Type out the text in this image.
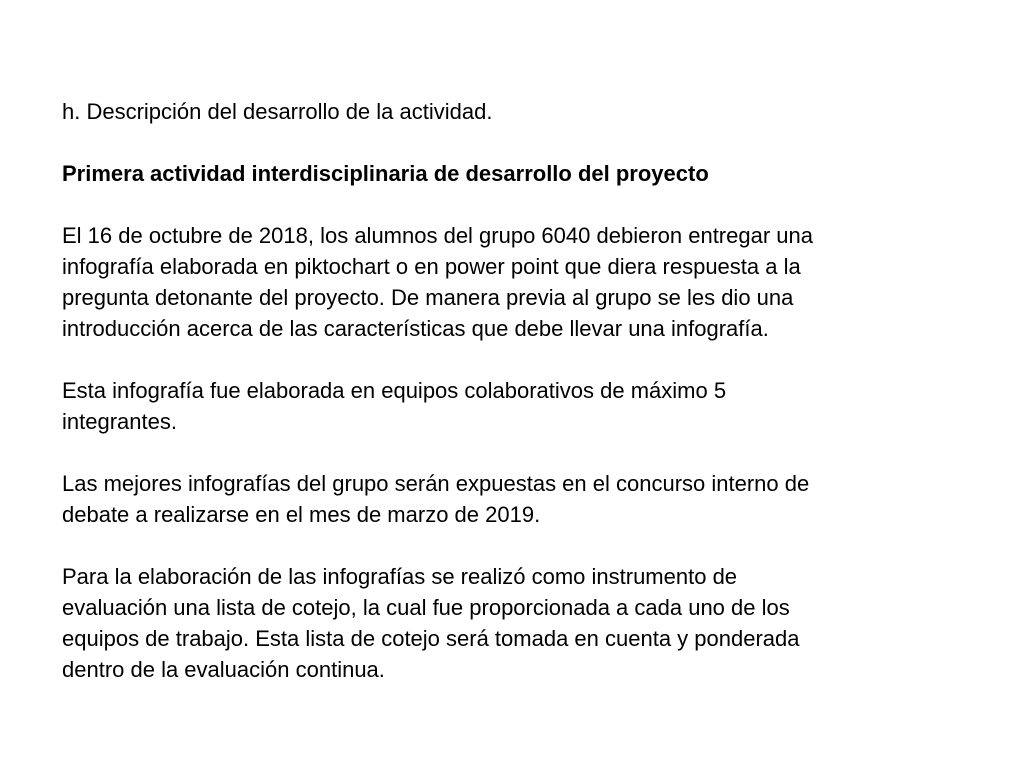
h. Descripción del desarrollo de la actividad.

Primera actividad interdisciplinaria de desarrollo del proyecto

El 16 de octubre de 2018, los alumnos del grupo 6040 debieron entregar una

infografía elaborada en piktochart o en power point que diera respuesta a la

pregunta detonante del proyecto. De manera previa al grupo se les dio una

introducción acerca de las características que debe llevar una infografía.

Esta infografía fue elaborada en equipos colaborativos de máximo 5

integrantes.

Las mejores infografías del grupo serán expuestas en el concurso interno de

debate a realizarse en el mes de marzo de 2019.

Para la elaboración de las infografías se realizó como instrumento de

evaluación una lista de cotejo, la cual fue proporcionada a cada uno de los

equipos de trabajo. Esta lista de cotejo será tomada en cuenta y ponderada

dentro de la evaluación continua.
